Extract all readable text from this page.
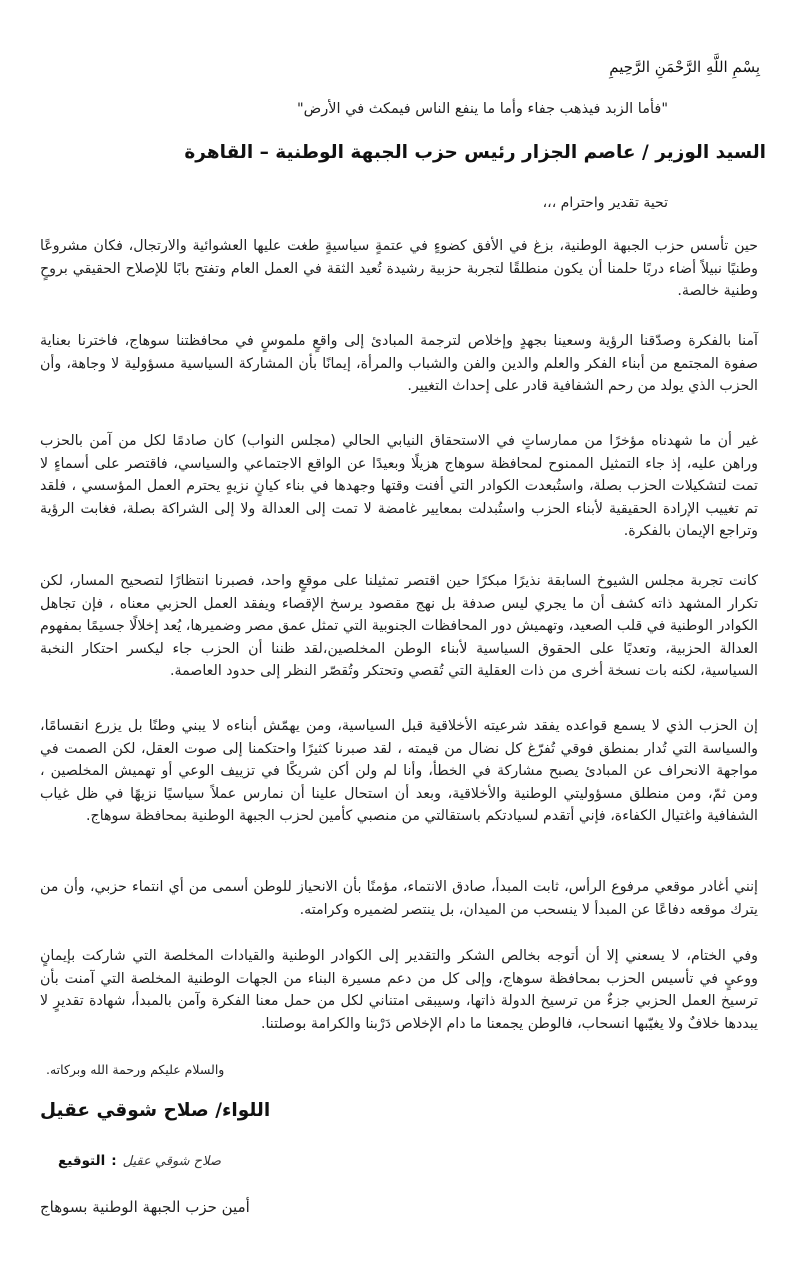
بِسْمِ اللَّهِ الرَّحْمَنِ الرَّحِيمِ
"فأما الزبد فيذهب جفاء وأما ما ينفع الناس فيمكث في الأرض"
السيد الوزير / عاصم الجزار رئيس حزب الجبهة الوطنية – القاهرة
تحية تقدير واحترام ،،،

حين تأسس حزب الجبهة الوطنية، بزغ في الأفق كضوءٍ في عتمةٍ سياسيةٍ طغت عليها العشوائية والارتجال، فكان مشروعًا وطنيًا نبيلاً أضاء دربًا حلمنا أن يكون منطلقًا لتجربة حزبية رشيدة تُعيد الثقة في العمل العام وتفتح بابًا للإصلاح الحقيقي بروحٍ وطنية خالصة.

آمنا بالفكرة وصدّقنا الرؤية وسعينا بجهدٍ وإخلاص لترجمة المبادئ إلى واقعٍ ملموسٍ في محافظتنا سوهاج، فاخترنا بعناية صفوة المجتمع من أبناء الفكر والعلم والدين والفن والشباب والمرأة، إيمانًا بأن المشاركة السياسية مسؤولية لا وجاهة، وأن الحزب الذي يولد من رحم الشفافية قادر على إحداث التغيير.

غير أن ما شهدناه مؤخرًا من ممارساتٍ في الاستحقاق النيابي الحالي (مجلس النواب) كان صادمًا لكل من آمن بالحزب وراهن عليه، إذ جاء التمثيل الممنوح لمحافظة سوهاج هزيلًا وبعيدًا عن الواقع الاجتماعي والسياسي، فاقتصر على أسماءٍ لا تمت لتشكيلات الحزب بصلة، واستُبعدت الكوادر التي أفنت وقتها وجهدها في بناء كيانٍ نزيهٍ يحترم العمل المؤسسي ، فلقد تم تغييب الإرادة الحقيقية لأبناء الحزب واستُبدلت بمعايير غامضة لا تمت إلى العدالة ولا إلى الشراكة بصلة، فغابت الرؤية وتراجع الإيمان بالفكرة.

كانت تجربة مجلس الشيوخ السابقة نذيرًا مبكرًا حين اقتصر تمثيلنا على موقعٍ واحد، فصبرنا انتظارًا لتصحيح المسار، لكن تكرار المشهد ذاته كشف أن ما يجري ليس صدفة بل نهج مقصود يرسخ الإقصاء ويفقد العمل الحزبي معناه ، فإن تجاهل الكوادر الوطنية في قلب الصعيد، وتهميش دور المحافظات الجنوبية التي تمثل عمق مصر وضميرها، يُعد إخلالًا جسيمًا بمفهوم العدالة الحزبية، وتعديًا على الحقوق السياسية لأبناء الوطن المخلصين،لقد ظننا أن الحزب جاء ليكسر احتكار النخبة السياسية، لكنه بات نسخة أخرى من ذات العقلية التي تُقصي وتحتكر وتُقصّر النظر إلى حدود العاصمة.

إن الحزب الذي لا يسمع قواعده يفقد شرعيته الأخلاقية قبل السياسية، ومن يهمّش أبناءه لا يبني وطنًا بل يزرع انقسامًا، والسياسة التي تُدار بمنطق فوقي تُفرّغ كل نضال من قيمته ، لقد صبرنا كثيرًا واحتكمنا إلى صوت العقل، لكن الصمت في مواجهة الانحراف عن المبادئ يصبح مشاركة في الخطأ، وأنا لم ولن أكن شريكًا في تزييف الوعي أو تهميش المخلصين ، ومن ثمّ، ومن منطلق مسؤوليتي الوطنية والأخلاقية، وبعد أن استحال علينا أن نمارس عملاً سياسيًا نزيهًا في ظل غياب الشفافية واغتيال الكفاءة، فإني أتقدم لسيادتكم باستقالتي من منصبي كأمين لحزب الجبهة الوطنية بمحافظة سوهاج.

إنني أغادر موقعي مرفوع الرأس، ثابت المبدأ، صادق الانتماء، مؤمنًا بأن الانحياز للوطن أسمى من أي انتماء حزبي، وأن من يترك موقعه دفاعًا عن المبدأ لا ينسحب من الميدان، بل ينتصر لضميره وكرامته.

وفي الختام، لا يسعني إلا أن أتوجه بخالص الشكر والتقدير إلى الكوادر الوطنية والقيادات المخلصة التي شاركت بإيمانٍ ووعيٍ في تأسيس الحزب بمحافظة سوهاج، وإلى كل من دعم مسيرة البناء من الجهات الوطنية المخلصة التي آمنت بأن ترسيخ العمل الحزبي جزءٌ من ترسيخ الدولة ذاتها، وسيبقى امتناني لكل من حمل معنا الفكرة وآمن بالمبدأ، شهادة تقديرٍ لا يبددها خلافٌ ولا يغيّبها انسحاب، فالوطن يجمعنا ما دام الإخلاص دَرْبنا والكرامة بوصلتنا.

والسلام عليكم ورحمة الله وبركاته.
اللواء/ صلاح شوقي عقيل
التوقيع : صلاح شوقي عقيل
أمين حزب الجبهة الوطنية بسوهاج
